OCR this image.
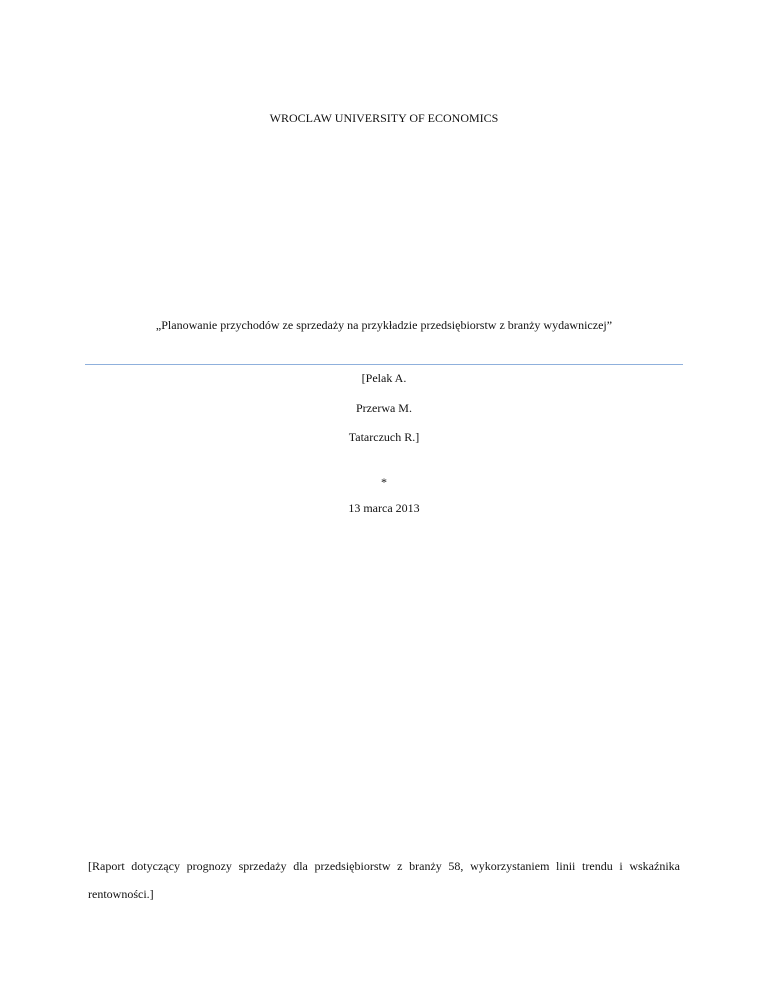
WROCLAW UNIVERSITY OF ECONOMICS
„Planowanie przychodów ze sprzedaży na przykładzie przedsiębiorstw z branży wydawniczej”
[Pelak A.
Przerwa M.
Tatarczuch R.]
*
13 marca 2013
[Raport dotyczący prognozy sprzedaży dla przedsiębiorstw z branży 58, wykorzystaniem linii trendu i wskaźnika rentowności.]
